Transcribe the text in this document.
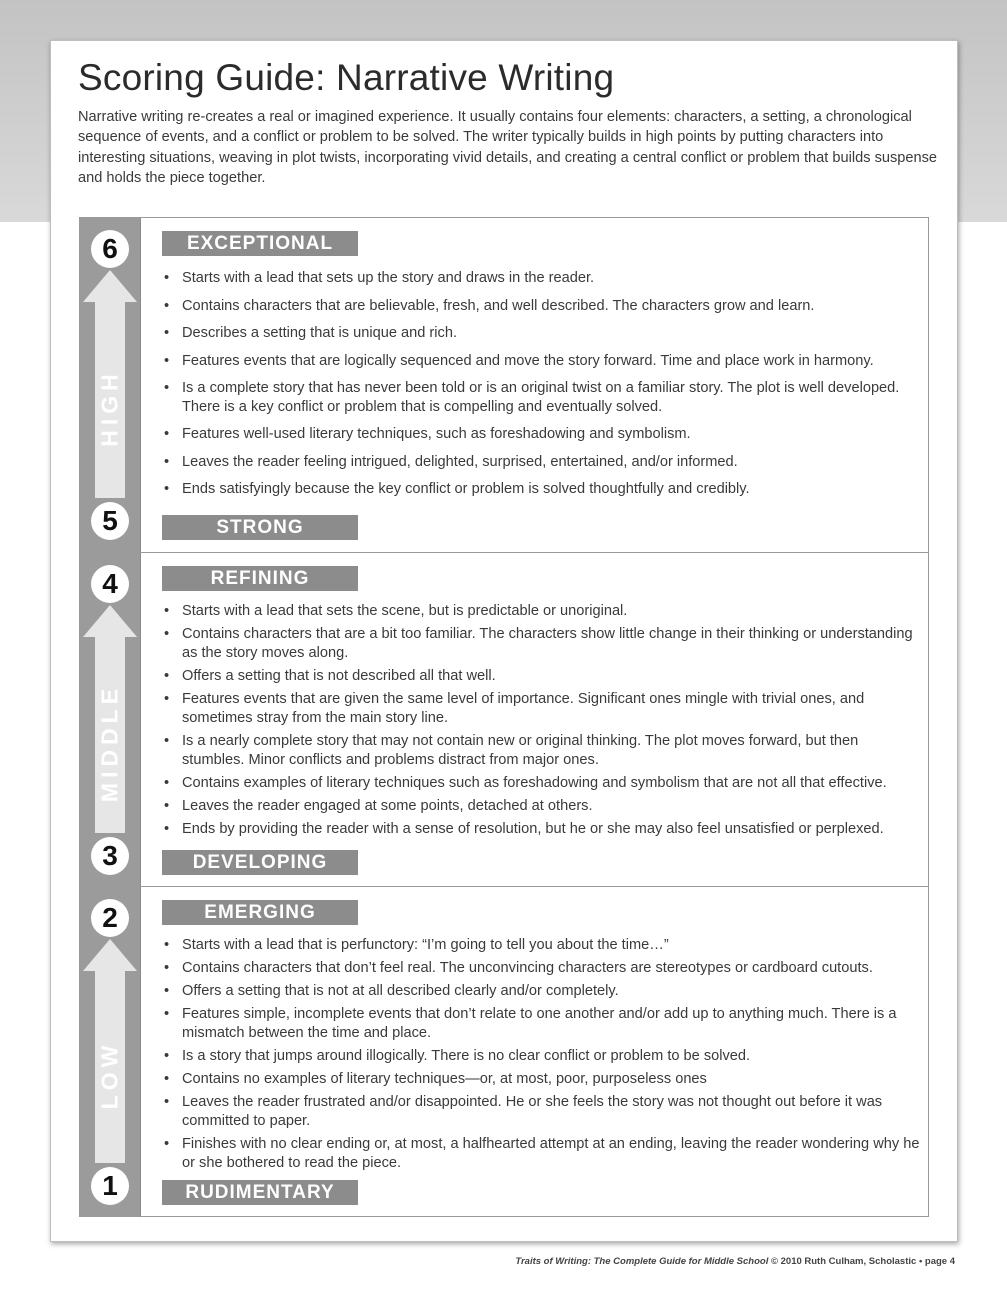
Scoring Guide: Narrative Writing

Narrative writing re-creates a real or imagined experience. It usually contains four elements: characters, a setting, a chronological sequence of events, and a conflict or problem to be solved. The writer typically builds in high points by putting characters into interesting situations, weaving in plot twists, incorporating vivid details, and creating a central conflict or problem that builds suspense and holds the piece together.

6
HIGH
5
EXCEPTIONAL
• Starts with a lead that sets up the story and draws in the reader.
• Contains characters that are believable, fresh, and well described. The characters grow and learn.
• Describes a setting that is unique and rich.
• Features events that are logically sequenced and move the story forward. Time and place work in harmony.
• Is a complete story that has never been told or is an original twist on a familiar story. The plot is well developed. There is a key conflict or problem that is compelling and eventually solved.
• Features well-used literary techniques, such as foreshadowing and symbolism.
• Leaves the reader feeling intrigued, delighted, surprised, entertained, and/or informed.
• Ends satisfyingly because the key conflict or problem is solved thoughtfully and credibly.
STRONG
4
MIDDLE
3
REFINING
• Starts with a lead that sets the scene, but is predictable or unoriginal.
• Contains characters that are a bit too familiar. The characters show little change in their thinking or understanding as the story moves along.
• Offers a setting that is not described all that well.
• Features events that are given the same level of importance. Significant ones mingle with trivial ones, and sometimes stray from the main story line.
• Is a nearly complete story that may not contain new or original thinking. The plot moves forward, but then stumbles. Minor conflicts and problems distract from major ones.
• Contains examples of literary techniques such as foreshadowing and symbolism that are not all that effective.
• Leaves the reader engaged at some points, detached at others.
• Ends by providing the reader with a sense of resolution, but he or she may also feel unsatisfied or perplexed.
DEVELOPING
2
LOW
1
EMERGING
• Starts with a lead that is perfunctory: “I’m going to tell you about the time…”
• Contains characters that don’t feel real. The unconvincing characters are stereotypes or cardboard cutouts.
• Offers a setting that is not at all described clearly and/or completely.
• Features simple, incomplete events that don’t relate to one another and/or add up to anything much. There is a mismatch between the time and place.
• Is a story that jumps around illogically. There is no clear conflict or problem to be solved.
• Contains no examples of literary techniques—or, at most, poor, purposeless ones
• Leaves the reader frustrated and/or disappointed. He or she feels the story was not thought out before it was committed to paper.
• Finishes with no clear ending or, at most, a halfhearted attempt at an ending, leaving the reader wondering why he or she bothered to read the piece.
RUDIMENTARY

Traits of Writing: The Complete Guide for Middle School © 2010 Ruth Culham, Scholastic • page 4
